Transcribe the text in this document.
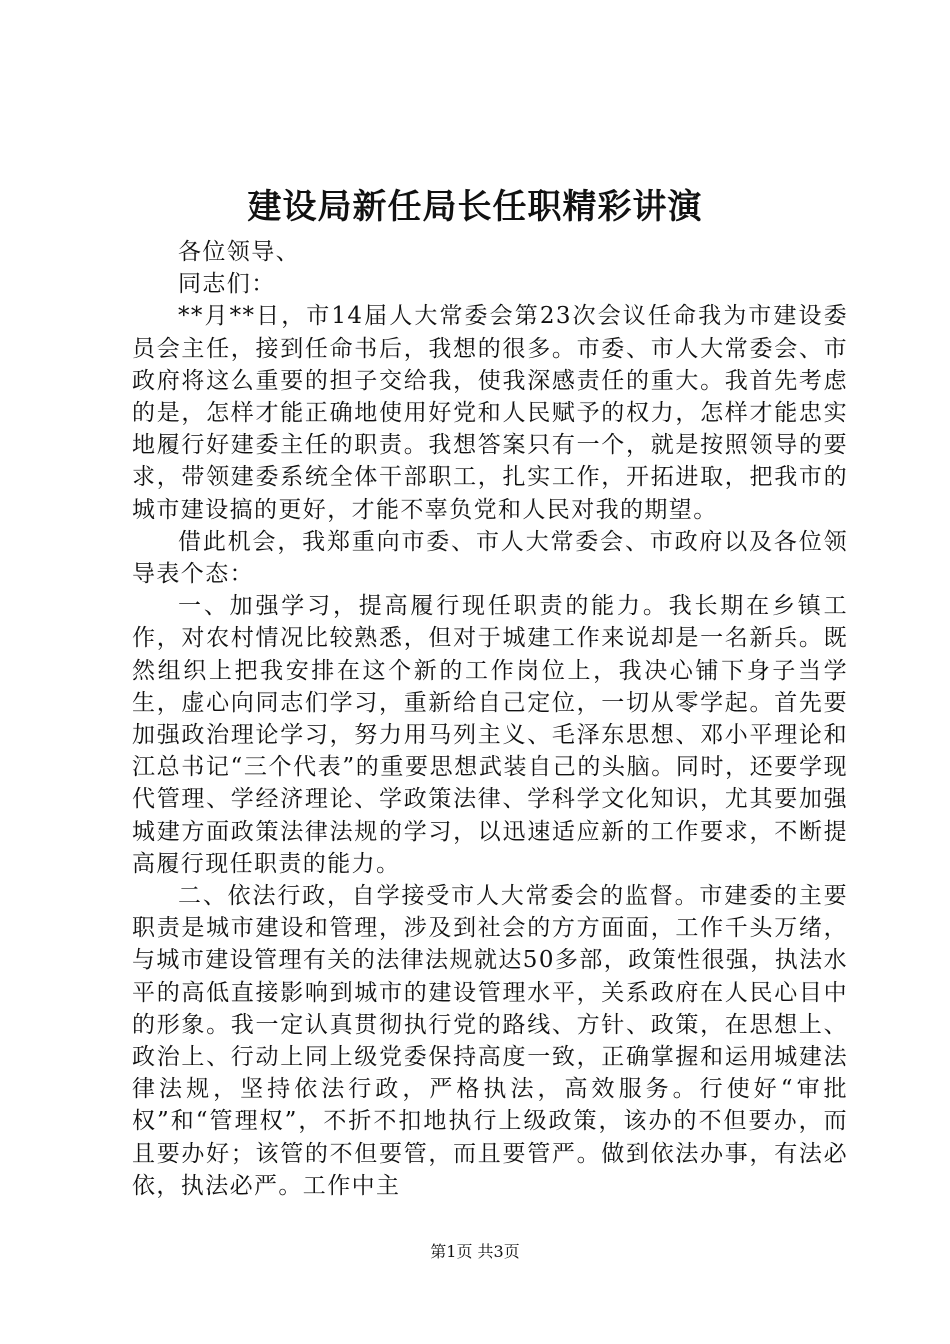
建设局新任局长任职精彩讲演

各位领导、

同志们：

**月**日，市14届人大常委会第23次会议任命我为市建设委员会主任，接到任命书后，我想的很多。市委、市人大常委会、市政府将这么重要的担子交给我，使我深感责任的重大。我首先考虑的是，怎样才能正确地使用好党和人民赋予的权力，怎样才能忠实地履行好建委主任的职责。我想答案只有一个，就是按照领导的要求，带领建委系统全体干部职工，扎实工作，开拓进取，把我市的城市建设搞的更好，才能不辜负党和人民对我的期望。

借此机会，我郑重向市委、市人大常委会、市政府以及各位领导表个态：

一、加强学习，提高履行现任职责的能力。我长期在乡镇工作，对农村情况比较熟悉，但对于城建工作来说却是一名新兵。既然组织上把我安排在这个新的工作岗位上，我决心铺下身子当学生，虚心向同志们学习，重新给自己定位，一切从零学起。首先要加强政治理论学习，努力用马列主义、毛泽东思想、邓小平理论和江总书记“三个代表”的重要思想武装自己的头脑。同时，还要学现代管理、学经济理论、学政策法律、学科学文化知识，尤其要加强城建方面政策法律法规的学习，以迅速适应新的工作要求，不断提高履行现任职责的能力。

二、依法行政，自学接受市人大常委会的监督。市建委的主要职责是城市建设和管理，涉及到社会的方方面面，工作千头万绪，与城市建设管理有关的法律法规就达50多部，政策性很强，执法水平的高低直接影响到城市的建设管理水平，关系政府在人民心目中的形象。我一定认真贯彻执行党的路线、方针、政策，在思想上、政治上、行动上同上级党委保持高度一致，正确掌握和运用城建法律法规，坚持依法行政，严格执法，高效服务。行使好“审批权”和“管理权”，不折不扣地执行上级政策，该办的不但要办，而且要办好；该管的不但要管，而且要管严。做到依法办事，有法必依，执法必严。工作中主

第1页 共3页
